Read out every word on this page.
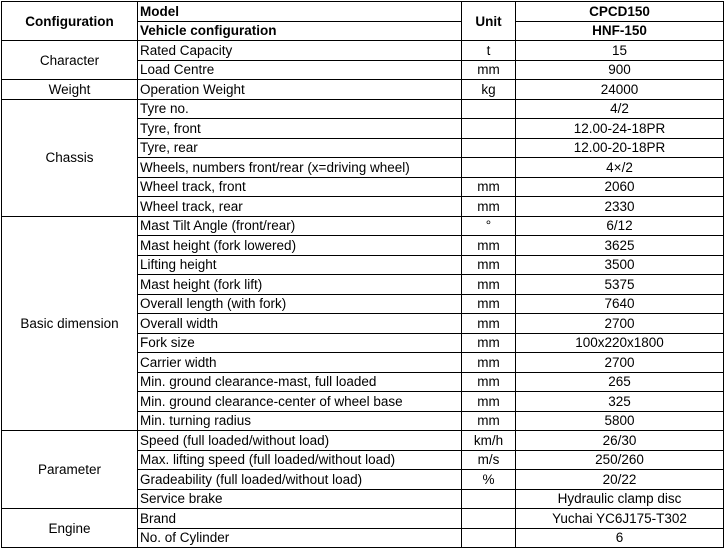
Configuration	Model	Unit	CPCD150
	Vehicle configuration		HNF-150
Character	Rated Capacity	t	15
	Load Centre	mm	900
Weight	Operation Weight	kg	24000
Chassis	Tyre no.		4/2
	Tyre, front		12.00-24-18PR
	Tyre, rear		12.00-20-18PR
	Wheels, numbers front/rear (x=driving wheel)		4×/2
	Wheel track, front	mm	2060
	Wheel track, rear	mm	2330
Basic dimension	Mast Tilt Angle (front/rear)	°	6/12
	Mast height (fork lowered)	mm	3625
	Lifting height	mm	3500
	Mast height (fork lift)	mm	5375
	Overall length (with fork)	mm	7640
	Overall width	mm	2700
	Fork size	mm	100x220x1800
	Carrier width	mm	2700
	Min. ground clearance-mast, full loaded	mm	265
	Min. ground clearance-center of wheel base	mm	325
	Min. turning radius	mm	5800
Parameter	Speed (full loaded/without load)	km/h	26/30
	Max. lifting speed (full loaded/without load)	m/s	250/260
	Gradeability (full loaded/without load)	%	20/22
	Service brake		Hydraulic clamp disc
Engine	Brand		Yuchai YC6J175-T302
	No. of Cylinder		6
